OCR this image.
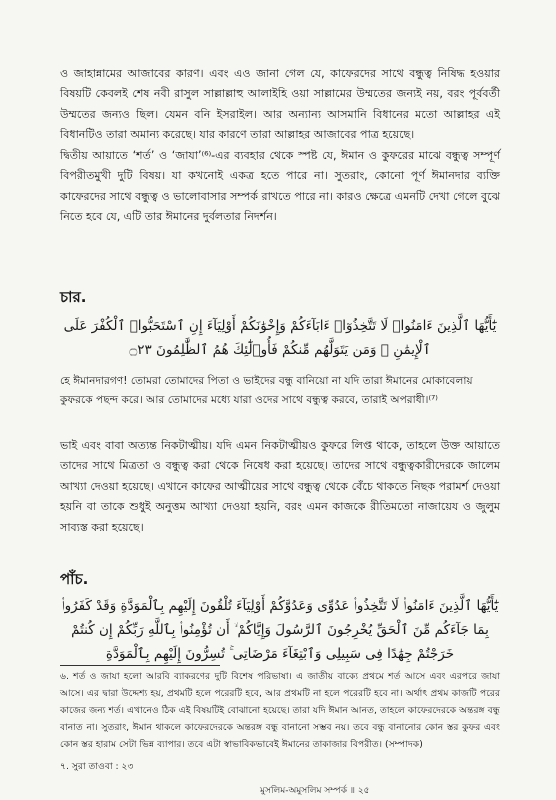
ও জাহান্নামের আজাবের কারণ। এবং এও জানা গেল যে, কাফেরদের সাথে বন্ধুত্ব নিষিদ্ধ হওয়ার বিষয়টি কেবলই শেষ নবী রাসুল সাল্লাল্লাহু আলাইহি ওয়া সাল্লামের উম্মতের জন্যই নয়, বরং পূর্ববর্তী উম্মতের জন্যও ছিল। যেমন বনি ইসরাইল। আর অন্যান্য আসমানি বিধানের মতো আল্লাহর এই বিধানটিও তারা অমান্য করেছে। যার কারণে তারা আল্লাহর আজাবের পাত্র হয়েছে।

দ্বিতীয় আয়াতে ‘শর্ত’ ও ‘জাযা’⁽⁶⁾-এর ব্যবহার থেকে স্পষ্ট যে, ঈমান ও কুফরের মাঝে বন্ধুত্ব সম্পূর্ণ বিপরীতমুখী দুটি বিষয়। যা কখনোই একত্র হতে পারে না। সুতরাং, কোনো পূর্ণ ঈমানদার ব্যক্তি কাফেরদের সাথে বন্ধুত্ব ও ভালোবাসার সম্পর্ক রাখতে পারে না। কারও ক্ষেত্রে এমনটি দেখা গেলে বুঝে নিতে হবে যে, এটি তার ঈমানের দুর্বলতার নিদর্শন।

চার.
يَٰٓأَيُّهَا ٱلَّذِينَ ءَامَنُوا۟ لَا تَتَّخِذُوٓا۟ ءَابَآءَكُمْ وَإِخْوَٰنَكُمْ أَوْلِيَآءَ إِنِ ٱسْتَحَبُّوا۟ ٱلْكُفْرَ عَلَى ٱلْإِيمَٰنِ ۚ وَمَن يَتَوَلَّهُم مِّنكُمْ فَأُو۟لَٰٓئِكَ هُمُ ٱلظَّٰلِمُونَ ۝٢٣

হে ঈমানদারগণ! তোমরা তোমাদের পিতা ও ভাইদের বন্ধু বানিয়ো না যদি তারা ঈমানের মোকাবেলায় কুফরকে পছন্দ করে। আর তোমাদের মধ্যে যারা ওদের সাথে বন্ধুত্ব করবে, তারাই অপরাধী।⁽⁷⁾

ভাই এবং বাবা অত্যন্ত নিকটাত্মীয়। যদি এমন নিকটাত্মীয়ও কুফরে লিপ্ত থাকে, তাহলে উক্ত আয়াতে তাদের সাথে মিত্রতা ও বন্ধুত্ব করা থেকে নিষেধ করা হয়েছে। তাদের সাথে বন্ধুত্বকারীদেরকে জালেম আখ্যা দেওয়া হয়েছে। এখানে কাফের আত্মীয়ের সাথে বন্ধুত্ব থেকে বেঁচে থাকতে নিছক পরামর্শ দেওয়া হয়নি বা তাকে শুধুই অনুত্তম আখ্যা দেওয়া হয়নি, বরং এমন কাজকে রীতিমতো নাজায়েয ও জুলুম সাব্যস্ত করা হয়েছে।

পাঁচ.
يَٰٓأَيُّهَا ٱلَّذِينَ ءَامَنُوا۟ لَا تَتَّخِذُوا۟ عَدُوِّى وَعَدُوَّكُمْ أَوْلِيَآءَ تُلْقُونَ إِلَيْهِم بِٱلْمَوَدَّةِ وَقَدْ كَفَرُوا۟ بِمَا جَآءَكُم مِّنَ ٱلْحَقِّ يُخْرِجُونَ ٱلرَّسُولَ وَإِيَّاكُمْ ۙ أَن تُؤْمِنُوا۟ بِٱللَّهِ رَبِّكُمْ إِن كُنتُمْ خَرَجْتُمْ جِهَٰدًا فِى سَبِيلِى وَٱبْتِغَآءَ مَرْضَاتِى ۚ تُسِرُّونَ إِلَيْهِم بِٱلْمَوَدَّةِ

৬. শর্ত ও জাযা হলো আরবি ব্যাকরণের দুটি বিশেষ পরিভাষা। এ জাতীয় বাক্যে প্রথমে শর্ত আসে এবং এরপরে জাযা আসে। এর দ্বারা উদ্দেশ্য হয়, প্রথমটি হলে পরেরটি হবে, আর প্রথমটি না হলে পরেরটি হবে না। অর্থাৎ প্রথম কাজটি পরের কাজের জন্য শর্ত। এখানেও ঠিক এই বিষয়টিই বোঝানো হয়েছে। তারা যদি ঈমান আনত, তাহলে কাফেরদেরকে অন্তরঙ্গ বন্ধু বানাত না। সুতরাং, ঈমান থাকলে কাফেরদেরকে অন্তরঙ্গ বন্ধু বানানো সম্ভব নয়। তবে বন্ধু বানানোর কোন স্তর কুফর এবং কোন স্তর হারাম সেটা ভিন্ন ব্যাপার। তবে এটা স্বাভাবিকভাবেই ঈমানের তাকাজার বিপরীত। (সম্পাদক)

৭. সুরা তাওবা : ২৩

মুসলিম-অমুসলিম সম্পর্ক ॥ ২৫
